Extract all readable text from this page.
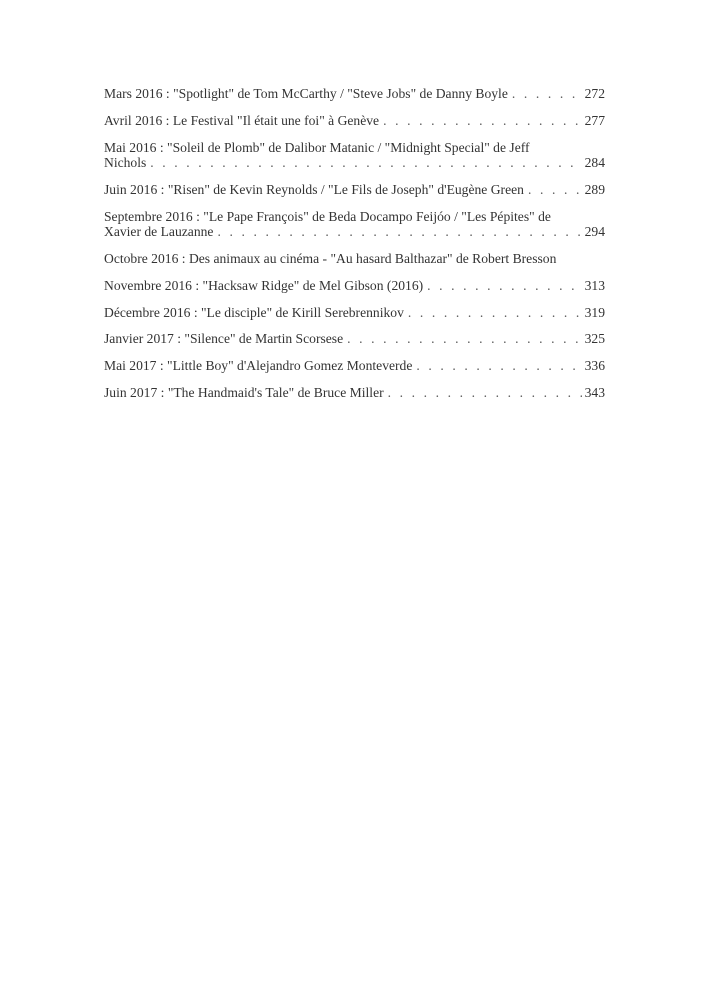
Mars 2016 : "Spotlight" de Tom McCarthy / "Steve Jobs" de Danny Boyle . . .	272
Avril 2016 : Le Festival "Il était une foi" à Genève . . .	277
Mai 2016 : "Soleil de Plomb" de Dalibor Matanic / "Midnight Special" de Jeff
Nichols . . .	284
Juin 2016 : "Risen" de Kevin Reynolds / "Le Fils de Joseph" d'Eugène Green . . .	289
Septembre 2016 : "Le Pape François" de Beda Docampo Feijóo / "Les Pépites" de
Xavier de Lauzanne . . .	294
Octobre 2016 : Des animaux au cinéma - "Au hasard Balthazar" de Robert Bresson
Novembre 2016 : "Hacksaw Ridge" de Mel Gibson (2016) . . .	313
Décembre 2016 : "Le disciple" de Kirill Serebrennikov . . .	319
Janvier 2017 : "Silence" de Martin Scorsese . . .	325
Mai 2017 : "Little Boy" d'Alejandro Gomez Monteverde . . .	336
Juin 2017 : "The Handmaid's Tale" de Bruce Miller . . .	343
